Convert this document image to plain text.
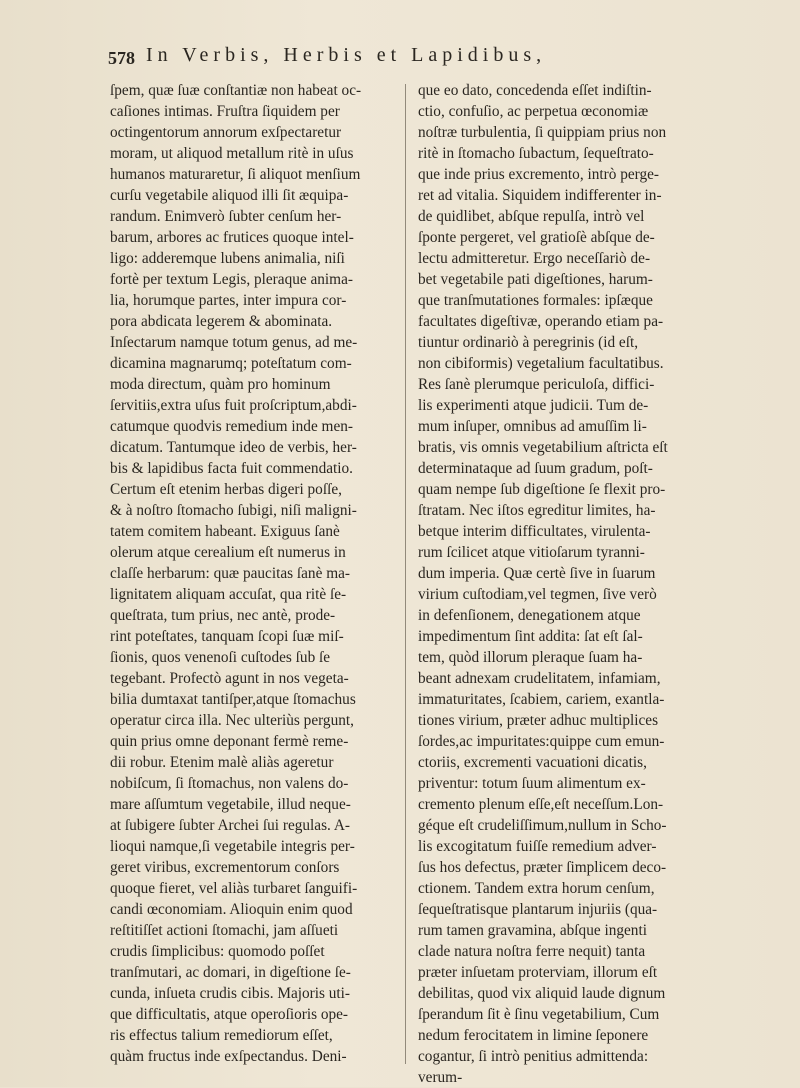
578 In Verbis, Herbis et Lapidibus,
ſpem, quæ ſuæ conſtantiæ non habeat oc-
caſiones intimas. Fruſtra ſiquidem per
octingentorum annorum exſpectaretur
moram, ut aliquod metallum ritè in uſus
humanos maturaretur, ſi aliquot menſium
curſu vegetabile aliquod illi ſit æquipa-
randum. Enimverò ſubter cenſum her-
barum, arbores ac frutices quoque intel-
ligo: adderemque lubens animalia, niſi
fortè per textum Legis, pleraque anima-
lia, horumque partes, inter impura cor-
pora abdicata legerem & abominata.
Inſectarum namque totum genus, ad me-
dicamina magnarumq; poteſtatum com-
moda directum, quàm pro hominum
ſervitiis,extra uſus fuit proſcriptum,abdi-
catumque quodvis remedium inde men-
dicatum. Tantumque ideo de verbis, her-
bis & lapidibus facta fuit commendatio.
Certum eſt etenim herbas digeri poſſe,
& à noſtro ſtomacho ſubigi, niſi maligni-
tatem comitem habeant. Exiguus ſanè
olerum atque cerealium eſt numerus in
claſſe herbarum: quæ paucitas ſanè ma-
lignitatem aliquam accuſat, qua ritè ſe-
queſtrata, tum prius, nec antè, prode-
rint poteſtates, tanquam ſcopi ſuæ miſ-
ſionis, quos venenoſi cuſtodes ſub ſe
tegebant. Profectò agunt in nos vegeta-
bilia dumtaxat tantiſper,atque ſtomachus
operatur circa illa. Nec ulteriùs pergunt,
quin prius omne deponant fermè reme-
dii robur. Etenim malè aliàs ageretur
nobiſcum, ſi ſtomachus, non valens do-
mare aſſumtum vegetabile, illud neque-
at ſubigere ſubter Archei ſui regulas. A-
lioqui namque,ſi vegetabile integris per-
geret viribus, excrementorum conſors
quoque fieret, vel aliàs turbaret ſanguifi-
candi œconomiam. Alioquin enim quod
reſtitiſſet actioni ſtomachi, jam aſſueti
crudis ſimplicibus: quomodo poſſet
tranſmutari, ac domari, in digeſtione ſe-
cunda, inſueta crudis cibis. Majoris uti-
que difficultatis, atque operoſioris ope-
ris effectus talium remediorum eſſet,
quàm fructus inde exſpectandus. Deni-
que eo dato, concedenda eſſet indiſtin-
ctio, confuſio, ac perpetua œconomiæ
noſtræ turbulentia, ſi quippiam prius non
ritè in ſtomacho ſubactum, ſequeſtrato-
que inde prius excremento, intrò perge-
ret ad vitalia. Siquidem indifferenter in-
de quidlibet, abſque repulſa, intrò vel
ſponte pergeret, vel gratioſè abſque de-
lectu admitteretur. Ergo neceſſariò de-
bet vegetabile pati digeſtiones, harum-
que tranſmutationes formales: ipſæque
facultates digeſtivæ, operando etiam pa-
tiuntur ordinariò à peregrinis (id eſt,
non cibiformis) vegetalium facultatibus.
Res ſanè plerumque periculoſa, diffici-
lis experimenti atque judicii. Tum de-
mum inſuper, omnibus ad amuſſim li-
bratis, vis omnis vegetabilium aſtricta eſt
determinataque ad ſuum gradum, poſt-
quam nempe ſub digeſtione ſe flexit pro-
ſtratam. Nec iſtos egreditur limites, ha-
betque interim difficultates, virulenta-
rum ſcilicet atque vitioſarum tyranni-
dum imperia. Quæ certè ſive in ſuarum
virium cuſtodiam,vel tegmen, ſive verò
in defenſionem, denegationem atque
impedimentum ſint addita: ſat eſt ſal-
tem, quòd illorum pleraque ſuam ha-
beant adnexam crudelitatem, infamiam,
immaturitates, ſcabiem, cariem, exantla-
tiones virium, præter adhuc multiplices
ſordes,ac impuritates:quippe cum emun-
ctoriis, excrementi vacuationi dicatis,
priventur: totum ſuum alimentum ex-
cremento plenum eſſe,eſt neceſſum.Lon-
géque eſt crudeliſſimum,nullum in Scho-
lis excogitatum fuiſſe remedium adver-
ſus hos defectus, præter ſimplicem deco-
ctionem. Tandem extra horum cenſum,
ſequeſtratisque plantarum injuriis (qua-
rum tamen gravamina, abſque ingenti
clade natura noſtra ferre nequit) tanta
præter inſuetam proterviam, illorum eſt
debilitas, quod vix aliquid laude dignum
ſperandum ſit è ſinu vegetabilium, Cum
nedum ferocitatem in limine ſeponere
cogantur, ſi intrò penitius admittenda:
verum-
